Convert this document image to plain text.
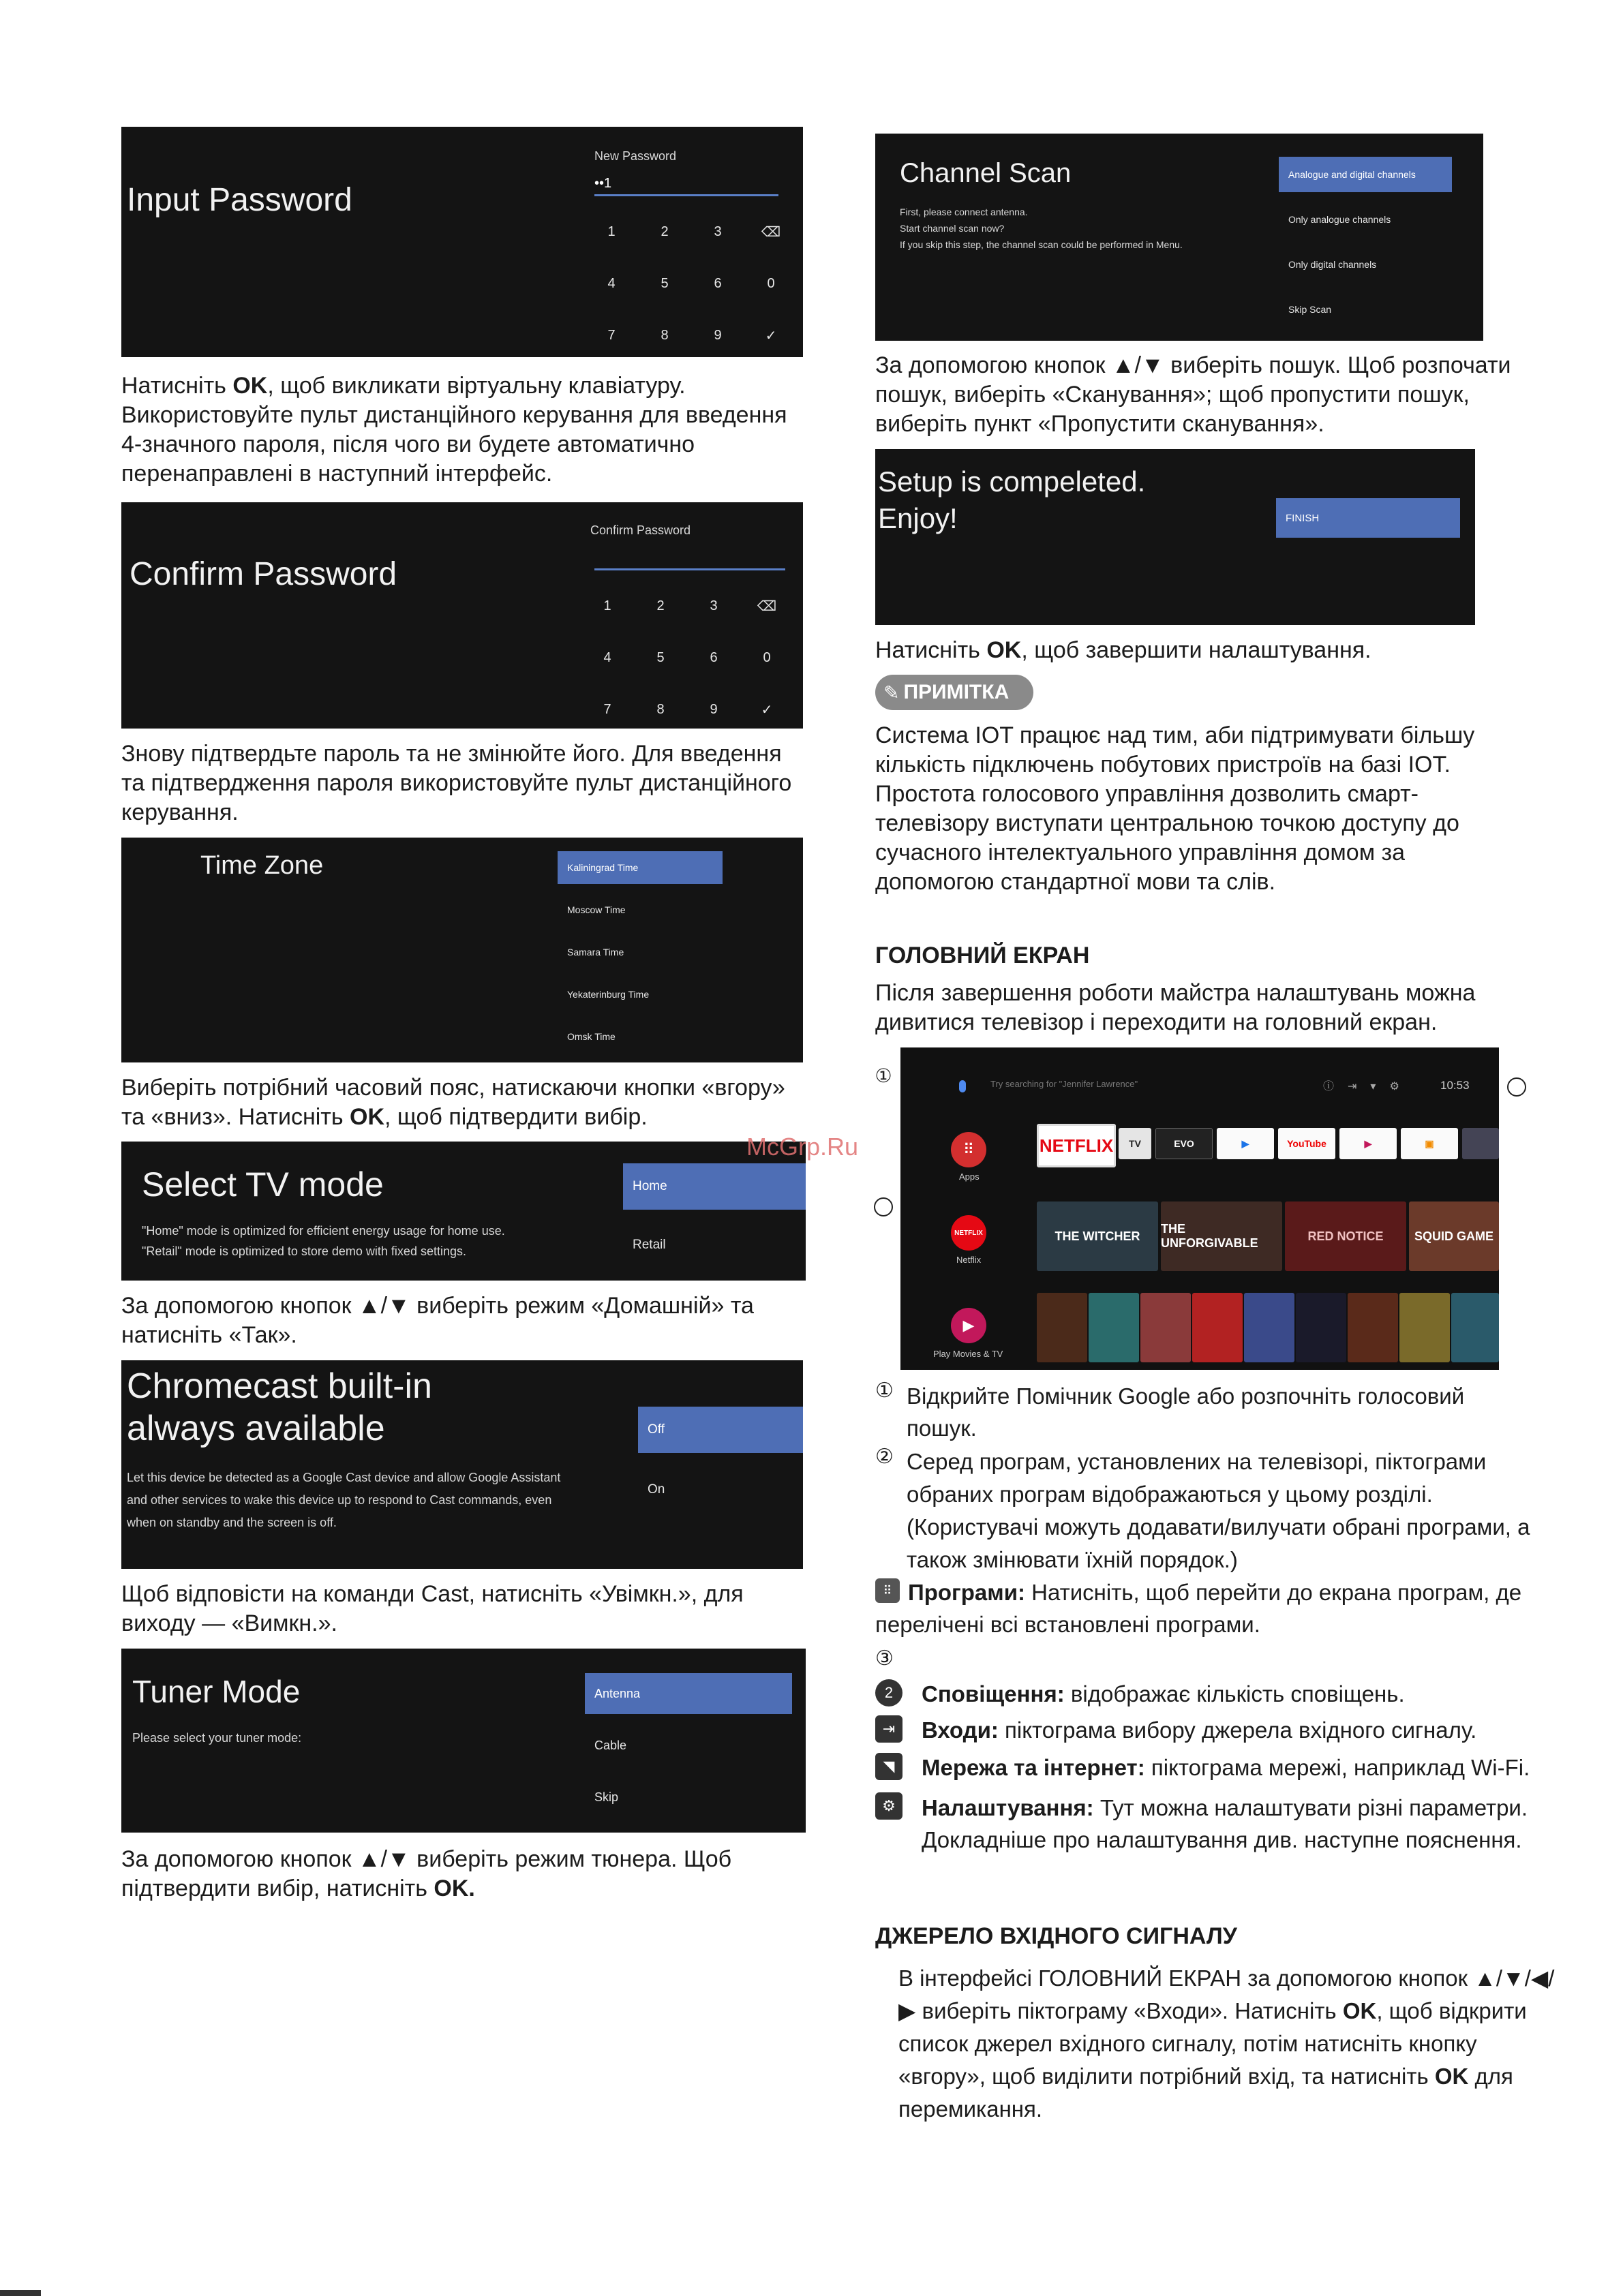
Input Password
New Password
••1
1	2	3	⌫
4	5	6	0
7	8	9	✓
Натисніть OK, щоб викликати віртуальну клавіатуру.
Використовуйте пульт дистанційного керування для введення 4-значного пароля, після чого ви будете автоматично перенаправлені в наступний інтерфейс.
Confirm Password
Confirm Password
1	2	3	⌫
4	5	6	0
7	8	9	✓
Знову підтвердьте пароль та не змінюйте його. Для введення та підтвердження пароля використовуйте пульт дистанційного керування.
Time Zone	Kaliningrad Time
Moscow Time
Samara Time
Yekaterinburg Time
Omsk Time
Виберіть потрібний часовий пояс, натискаючи кнопки «вгору» та «вниз». Натисніть OK, щоб підтвердити вибір.
Select TV mode
"Home" mode is optimized for efficient energy usage for home use.
"Retail" mode is optimized to store demo with fixed settings.
Home
Retail
За допомогою кнопок ▲/▼ виберіть режим «Домашній» та натисніть «Так».
Chromecast built-in
always available
Let this device be detected as a Google Cast device and allow Google Assistant and other services to wake this device up to respond to Cast commands, even when on standby and the screen is off.
Off
On
Щоб відповісти на команди Cast, натисніть «Увімкн.», для виходу — «Вимкн.».
Tuner Mode
Please select your tuner mode:
Antenna
Cable
Skip
За допомогою кнопок ▲/▼ виберіть режим тюнера. Щоб підтвердити вибір, натисніть OK.
Channel Scan
First, please connect antenna.
Start channel scan now?
If you skip this step, the channel scan could be performed in Menu.
Analogue and digital channels
Only analogue channels
Only digital channels
Skip Scan
За допомогою кнопок ▲/▼ виберіть пошук. Щоб розпочати пошук, виберіть «Сканування»; щоб пропустити пошук, виберіть пункт «Пропустити сканування».
Setup is compeleted.
Enjoy!	FINISH
Натисніть OK, щоб завершити налаштування.
✎ ПРИМІТКА
Система IOT працює над тим, аби підтримувати більшу кількість підключень побутових пристроїв на базі IOT. Простота голосового управління дозволить смарт-телевізору виступати центральною точкою доступу до сучасного інтелектуального управління домом за допомогою стандартної мови та слів.
ГОЛОВНИЙ ЕКРАН
Після завершення роботи майстра налаштувань можна дивитися телевізор і переходити на головний екран.
①	Try searching for "Jennifer Lawrence"	ⓘ⇥▾⚙ 10:53
⠿
Apps
NETFLIX
Netflix
▶
Play Movies & TV
NETFLIX	TV	EVO	▶	YouTube	▶	▣
THE WITCHER
THE UNFORGIVABLE
RED NOTICE	SQUID GAME
① Відкрийте Помічник Google або розпочніть голосовий пошук.
② Серед програм, установлених на телевізорі, піктограми обраних програм відображаються у цьому розділі. (Користувачі можуть додавати/вилучати обрані програми, а також змінювати їхній порядок.)
⠿ Програми: Натисніть, щоб перейти до екрана програм, де перелічені всі встановлені програми.
③
2	Сповіщення: відображає кількість сповіщень.
⇥	Входи: піктограма вибору джерела вхідного сигналу.
◥	Мережа та інтернет: піктограма мережі, наприклад Wi-Fi.
⚙	Налаштування: Тут можна налаштувати різні параметри. Докладніше про налаштування див. наступне пояснення.
ДЖЕРЕЛО ВХІДНОГО СИГНАЛУ
В інтерфейсі ГОЛОВНИЙ ЕКРАН за допомогою кнопок ▲/▼/◀/▶ виберіть піктограму «Входи». Натисніть OK, щоб відкрити список джерел вхідного сигналу, потім натисніть кнопку «вгору», щоб виділити потрібний вхід, та натисніть OK для перемикання.
McGrp.Ru
